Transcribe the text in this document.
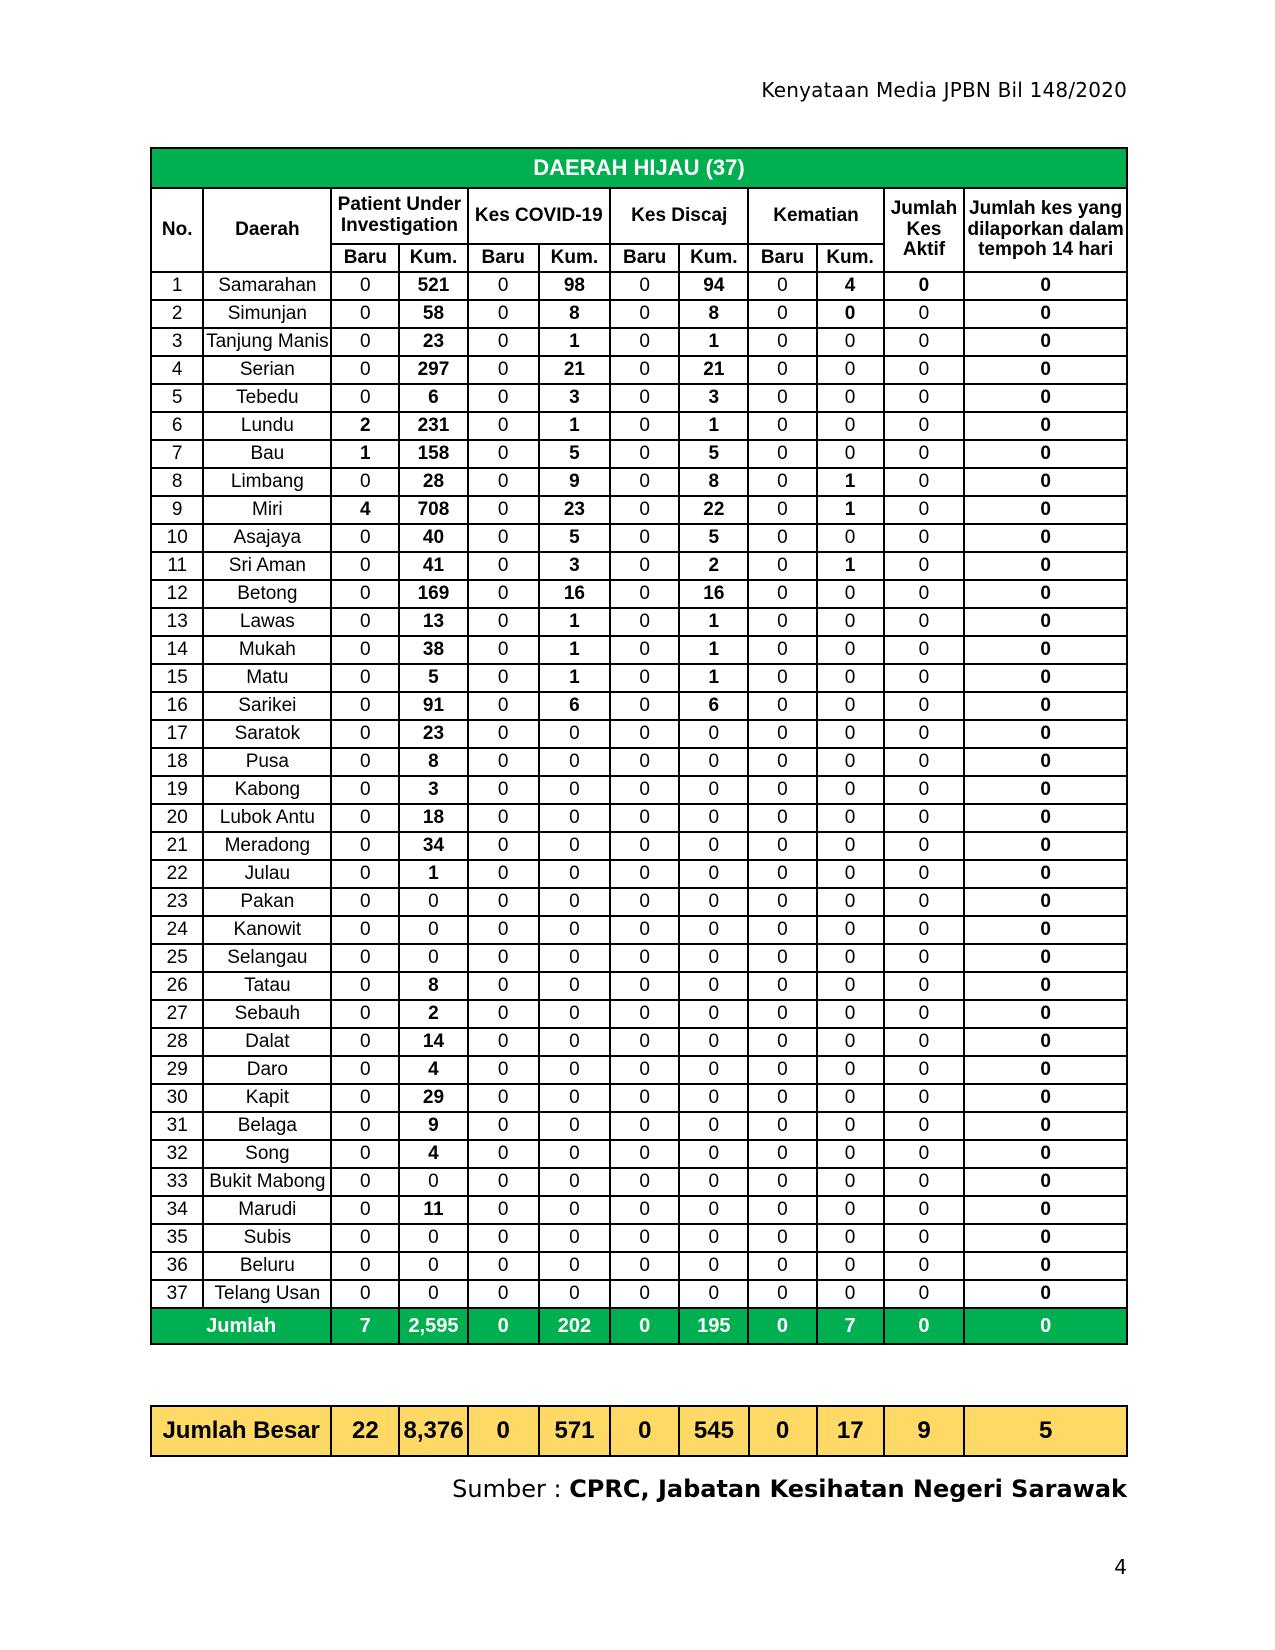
Kenyataan Media JPBN Bil 148/2020
DAERAH HIJAU (37)											
No.	Daerah	Patient Under Investigation		Kes COVID-19		Kes Discaj		Kematian		Jumlah Kes Aktif	Jumlah kes yang dilaporkan dalam tempoh 14 hari
		Baru	Kum.	Baru	Kum.	Baru	Kum.	Baru	Kum.		
1	Samarahan	0	521	0	98	0	94	0	4	0	0
2	Simunjan	0	58	0	8	0	8	0	0	0	0
3	Tanjung Manis	0	23	0	1	0	1	0	0	0	0
4	Serian	0	297	0	21	0	21	0	0	0	0
5	Tebedu	0	6	0	3	0	3	0	0	0	0
6	Lundu	2	231	0	1	0	1	0	0	0	0
7	Bau	1	158	0	5	0	5	0	0	0	0
8	Limbang	0	28	0	9	0	8	0	1	0	0
9	Miri	4	708	0	23	0	22	0	1	0	0
10	Asajaya	0	40	0	5	0	5	0	0	0	0
11	Sri Aman	0	41	0	3	0	2	0	1	0	0
12	Betong	0	169	0	16	0	16	0	0	0	0
13	Lawas	0	13	0	1	0	1	0	0	0	0
14	Mukah	0	38	0	1	0	1	0	0	0	0
15	Matu	0	5	0	1	0	1	0	0	0	0
16	Sarikei	0	91	0	6	0	6	0	0	0	0
17	Saratok	0	23	0	0	0	0	0	0	0	0
18	Pusa	0	8	0	0	0	0	0	0	0	0
19	Kabong	0	3	0	0	0	0	0	0	0	0
20	Lubok Antu	0	18	0	0	0	0	0	0	0	0
21	Meradong	0	34	0	0	0	0	0	0	0	0
22	Julau	0	1	0	0	0	0	0	0	0	0
23	Pakan	0	0	0	0	0	0	0	0	0	0
24	Kanowit	0	0	0	0	0	0	0	0	0	0
25	Selangau	0	0	0	0	0	0	0	0	0	0
26	Tatau	0	8	0	0	0	0	0	0	0	0
27	Sebauh	0	2	0	0	0	0	0	0	0	0
28	Dalat	0	14	0	0	0	0	0	0	0	0
29	Daro	0	4	0	0	0	0	0	0	0	0
30	Kapit	0	29	0	0	0	0	0	0	0	0
31	Belaga	0	9	0	0	0	0	0	0	0	0
32	Song	0	4	0	0	0	0	0	0	0	0
33	Bukit Mabong	0	0	0	0	0	0	0	0	0	0
34	Marudi	0	11	0	0	0	0	0	0	0	0
35	Subis	0	0	0	0	0	0	0	0	0	0
36	Beluru	0	0	0	0	0	0	0	0	0	0
37	Telang Usan	0	0	0	0	0	0	0	0	0	0
Jumlah		7	2,595	0	202	0	195	0	7	0	0
Jumlah Besar	22	8,376	0	571	0	545	0	17	9	5
Sumber : CPRC, Jabatan Kesihatan Negeri Sarawak
4
